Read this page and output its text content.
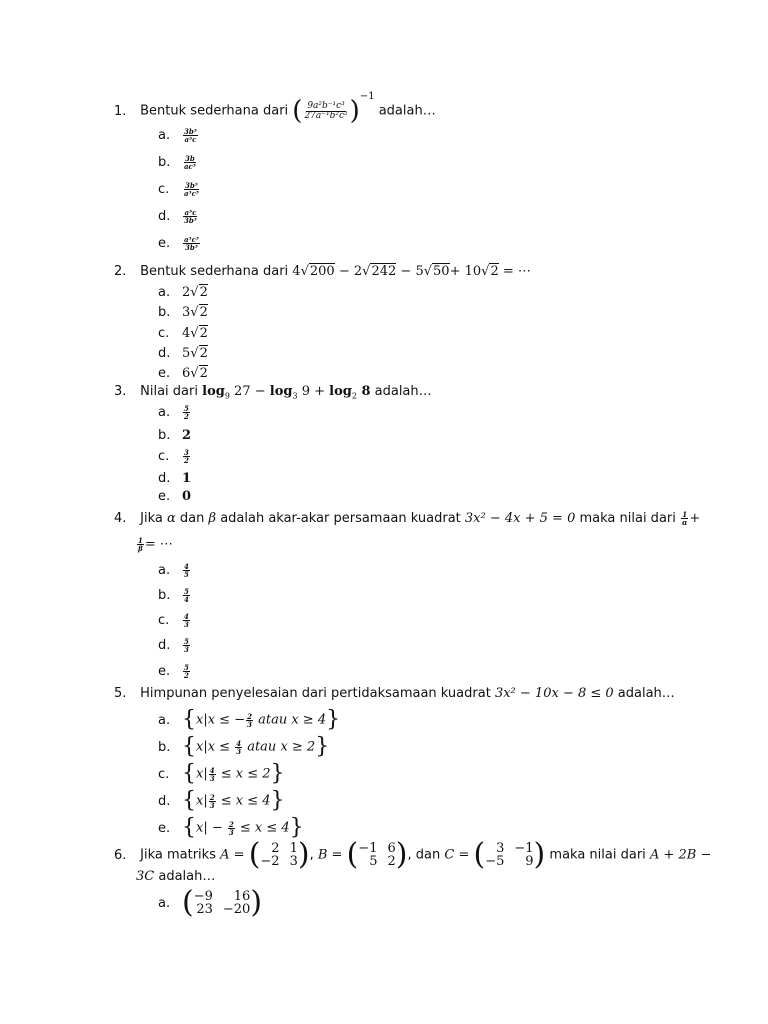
1. Bentuk sederhana dari ( $\frac{\text{9a²b⁻¹c³}}{\text{27a⁻¹b²c²}} )^{-1}$ adalah…
a. $\frac{\text{3b³}}{\text{a³c}}$
b. $\frac{3b}{\text{ac⁵}}$
c. $\frac{\text{3b³}}{\text{a³c⁵}}$
d. $\frac{\text{a³c}}{\text{3b³}}$
e. $\frac{\text{a³c⁵}}{\text{3b³}}$
2. Bentuk sederhana dari 4√200 − 2√242 − 5√50+ 10√2 = ⋯
a. 2√2
b. 3√2
c. 4√2
d. 5√2
e. 6√2
3. Nilai dari $\log_9 27 - \log_3 9 + \log_2 8$ adalah…
a. $\frac{5}{2}$
b. 2
c. $\frac{3}{2}$
d. 1
e. 0
4. Jika α dan β adalah akar-akar persamaan kuadrat 3x² − 4x + 5 = 0 maka nilai dari $\frac{1}{\alpha}$ +
$\frac{1}{\beta}$ = ⋯
a. $\frac{4}{5}$
b. $\frac{5}{4}$
c. $\frac{4}{3}$
d. $\frac{5}{3}$
e. $\frac{5}{2}$
5. Himpunan penyelesaian dari pertidaksamaan kuadrat 3x² − 10x − 8 ≤ 0 adalah…
a. {x|x ≤ − $\frac{2}{3}$ atau x ≥ 4}
b. {$x|x \le \frac{4}{3}$ atau x ≥ 2}
c. $\{x| \frac{4}{3} \le x \le 2\}$
d. $\{x| \frac{2}{3} \le x \le 4\}$
e. $\{x| - \frac{2}{3} \le x \le 4\}$
6. Jika matriks A = ( 2 1
−2 3 ) , B = ( −1 6
5 2 ) , dan C = ( 3 −1
−5	9 ) maka nilai dari A + 2B −
3C adalah…
a. ( −9	16
23 −20 )
